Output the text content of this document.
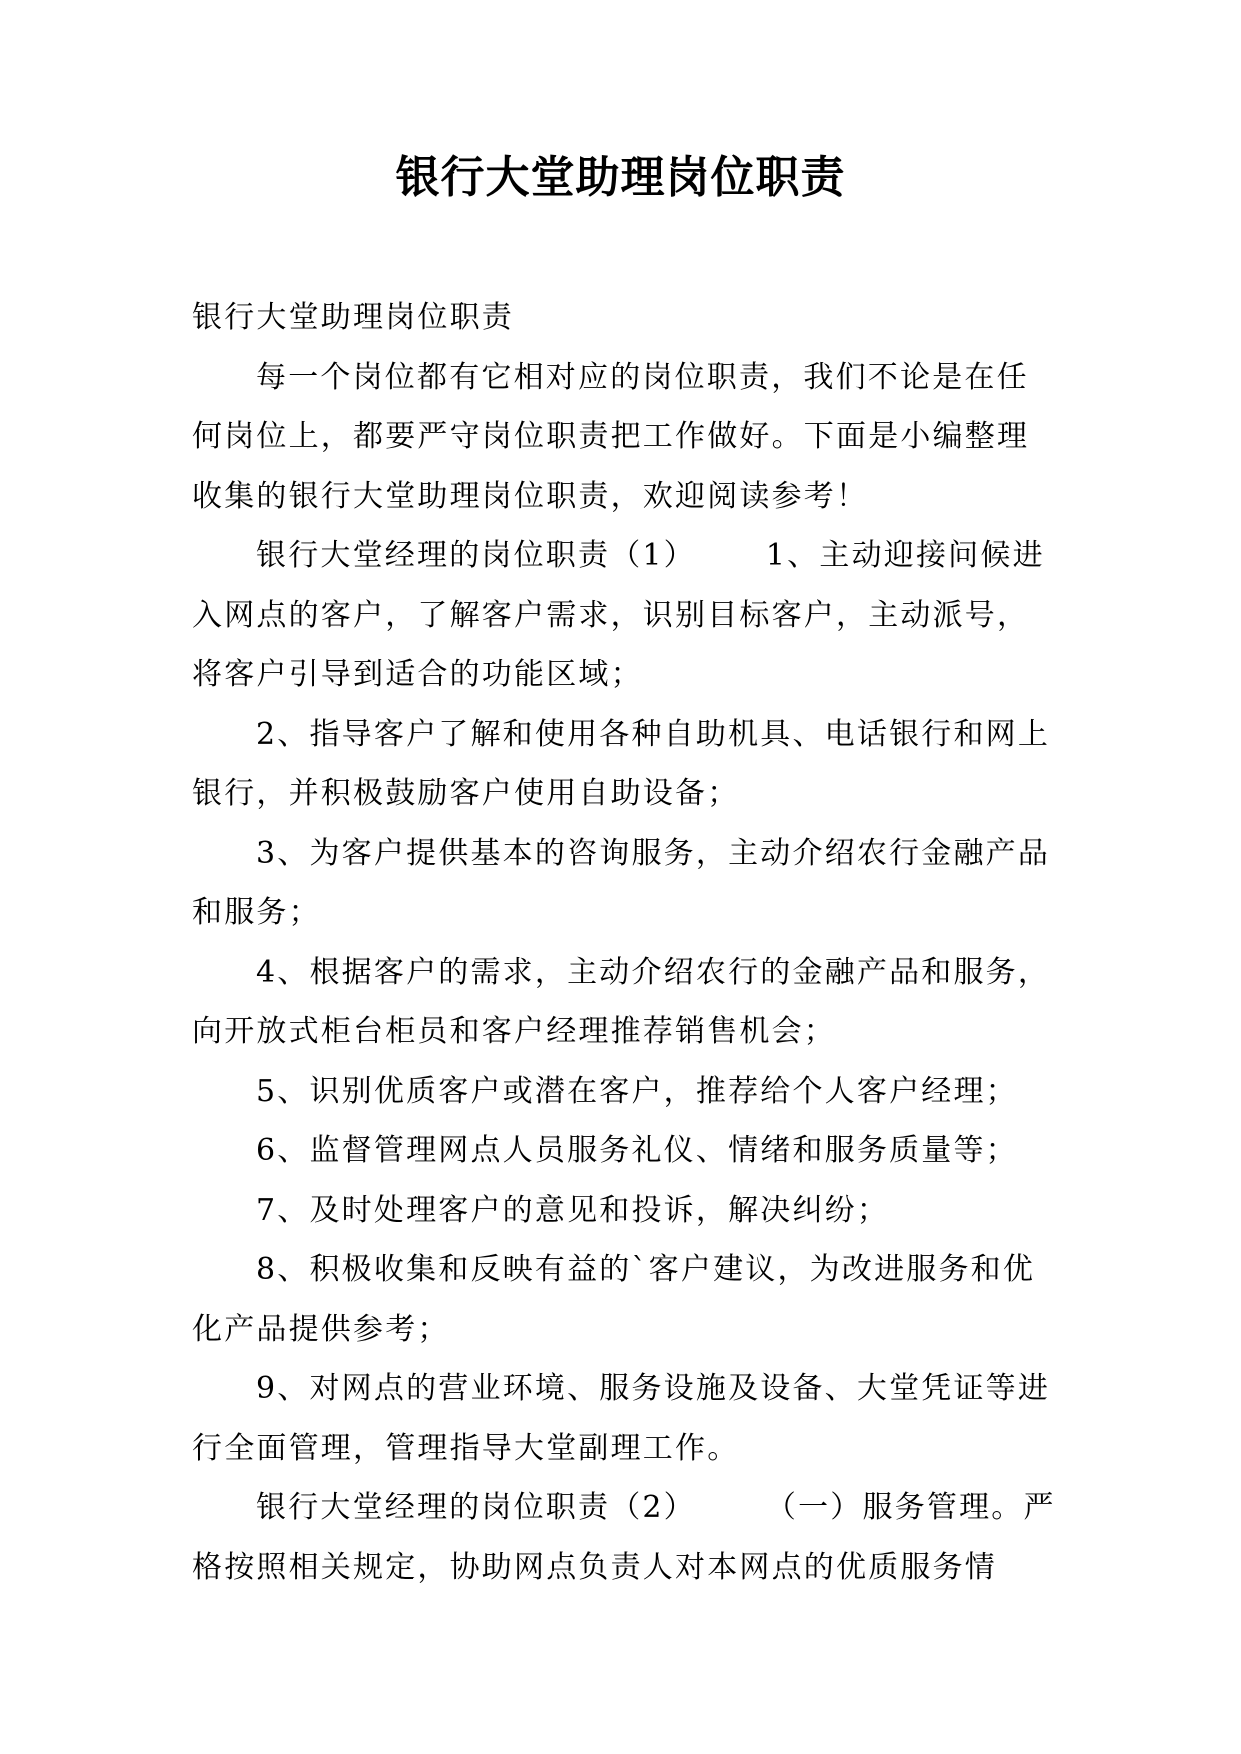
银行大堂助理岗位职责

银行大堂助理岗位职责

每一个岗位都有它相对应的岗位职责，我们不论是在任何岗位上，都要严守岗位职责把工作做好。下面是小编整理收集的银行大堂助理岗位职责，欢迎阅读参考！

银行大堂经理的岗位职责（1） 1、主动迎接问候进入网点的客户，了解客户需求，识别目标客户，主动派号，将客户引导到适合的功能区域；

2、指导客户了解和使用各种自助机具、电话银行和网上银行，并积极鼓励客户使用自助设备；

3、为客户提供基本的咨询服务，主动介绍农行金融产品和服务；

4、根据客户的需求，主动介绍农行的金融产品和服务，向开放式柜台柜员和客户经理推荐销售机会；

5、识别优质客户或潜在客户，推荐给个人客户经理；

6、监督管理网点人员服务礼仪、情绪和服务质量等；

7、及时处理客户的意见和投诉，解决纠纷；

8、积极收集和反映有益的`客户建议，为改进服务和优化产品提供参考；

9、对网点的营业环境、服务设施及设备、大堂凭证等进行全面管理，管理指导大堂副理工作。

银行大堂经理的岗位职责（2） （一）服务管理。严格按照相关规定，协助网点负责人对本网点的优质服务情
